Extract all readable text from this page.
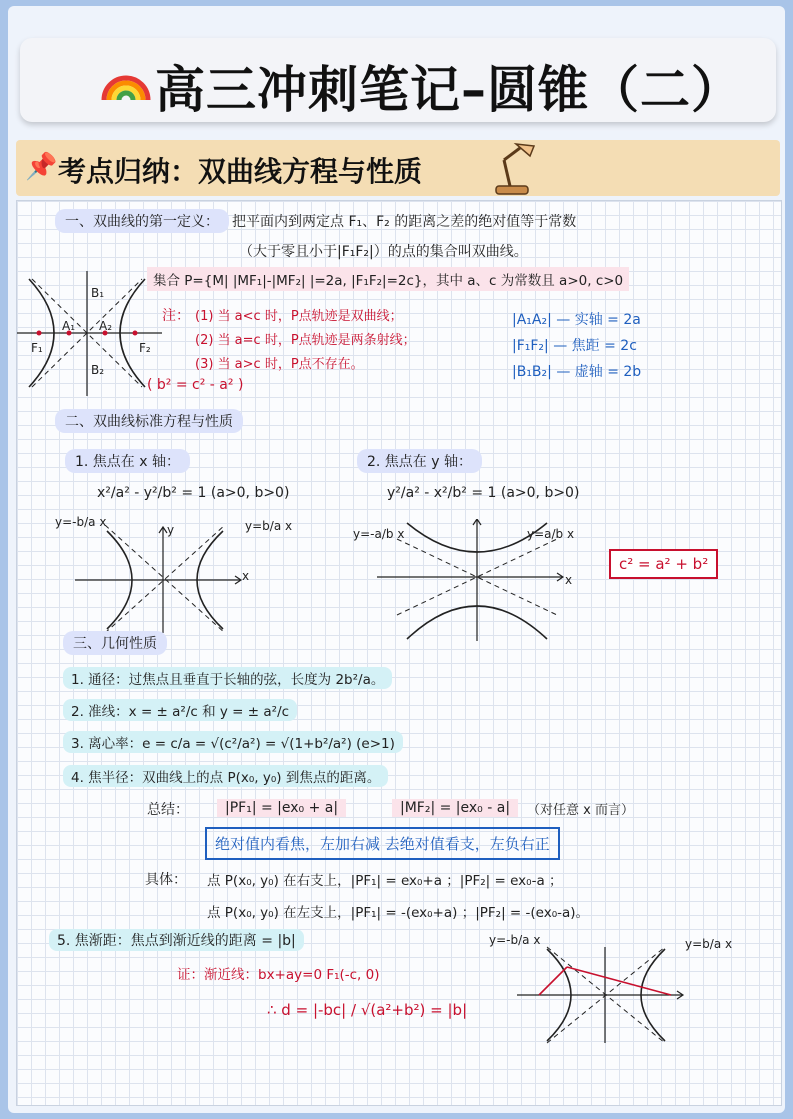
高三冲刺笔记–圆锥（二）
📌 考点归纳：双曲线方程与性质
一、双曲线的第一定义： 把平面内到两定点 F₁、F₂ 的距离之差的绝对值等于常数
（大于零且小于|F₁F₂|）的点的集合叫双曲线。
集合 P={M| |MF₁|-|MF₂| |=2a, |F₁F₂|=2c}，其中 a、c 为常数且 a>0, c>0
F₁	F₂
A₁ A₂
B₁
B₂
注： (1) 当 a<c 时，P点轨迹是双曲线；
(2) 当 a=c 时，P点轨迹是两条射线；
(3) 当 a>c 时，P点不存在。
( b² = c² - a² )
|A₁A₂| — 实轴 = 2a
|F₁F₂| — 焦距 = 2c
|B₁B₂| — 虚轴 = 2b
二、双曲线标准方程与性质
1. 焦点在 x 轴：
x²/a² - y²/b² = 1 (a>0, b>0)
2. 焦点在 y 轴：
y²/a² - x²/b² = 1 (a>0, b>0)
y=-b/a x	y=b/a x
x
y	y=-a/b x	y=a/b x
x
c² = a² + b²
三、几何性质
1. 通径：过焦点且垂直于长轴的弦，长度为 2b²/a。
2. 准线：x = ± a²/c 和 y = ± a²/c
3. 离心率：e = c/a = √(c²/a²) = √(1+b²/a²) (e>1)
4. 焦半径：双曲线上的点 P(x₀, y₀) 到焦点的距离。
总结：	|PF₁| = |ex₀ + a|	|MF₂| = |ex₀ - a|	（对任意 x 而言）
绝对值内看焦，左加右减 去绝对值看支，左负右正
具体： 点 P(x₀, y₀) 在右支上，|PF₁| = ex₀+a ；|PF₂| = ex₀-a ；
点 P(x₀, y₀) 在左支上，|PF₁| = -(ex₀+a) ；|PF₂| = -(ex₀-a)。
5. 焦渐距：焦点到渐近线的距离 = |b|
证：渐近线：bx+ay=0 F₁(-c, 0)
∴ d = |-bc| / √(a²+b²) = |b|
y=-b/a x	y=b/a x
